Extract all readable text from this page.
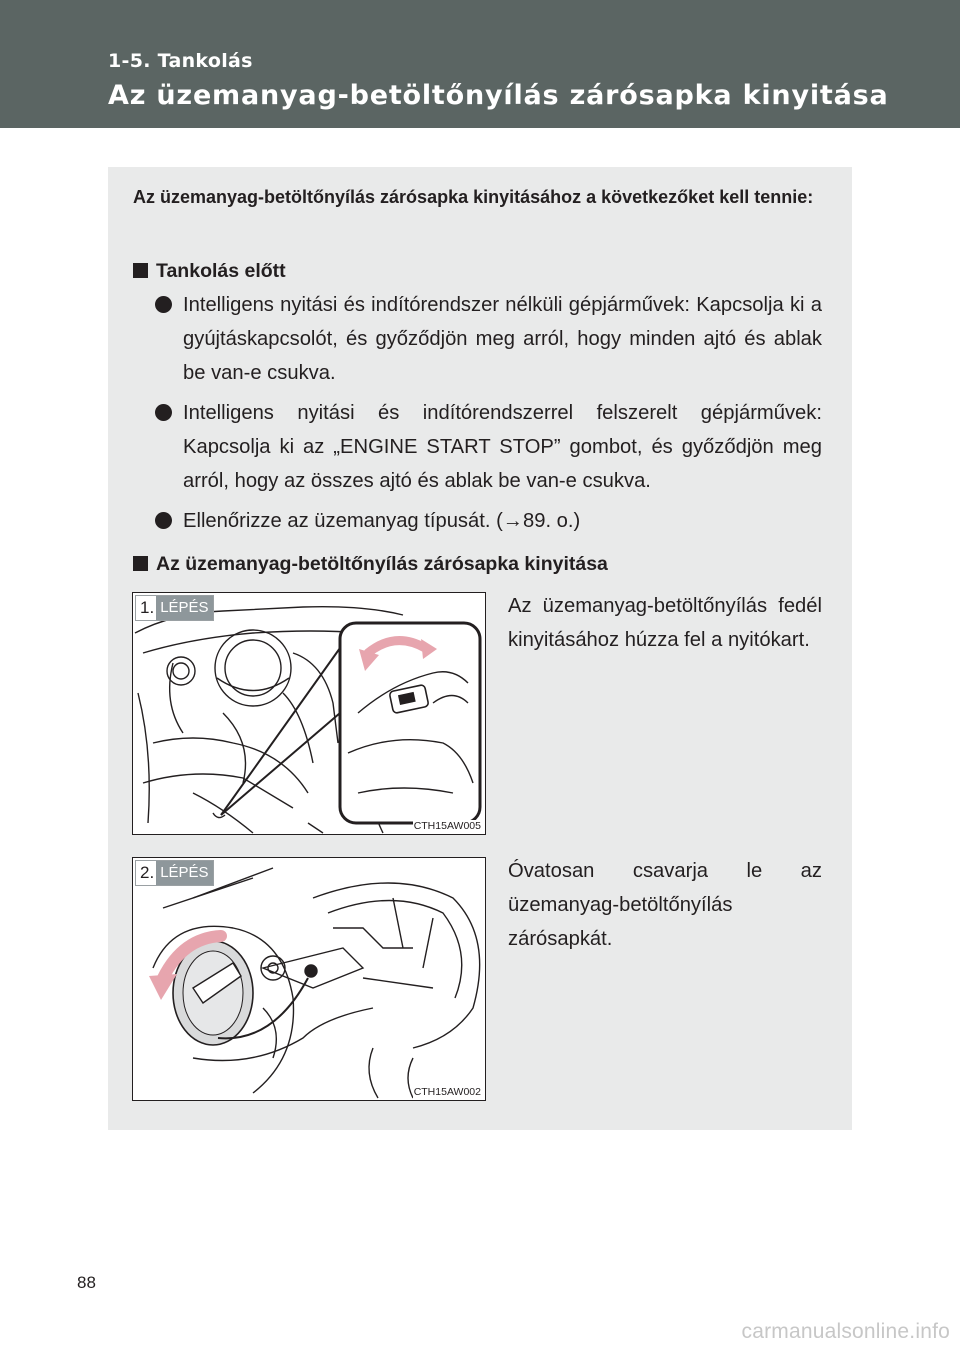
1-5. Tankolás
Az üzemanyag-betöltőnyílás zárósapka kinyitása
Az üzemanyag-betöltőnyílás zárósapka kinyitásához a következőket kell tennie:
Tankolás előtt
Intelligens nyitási és indítórendszer nélküli gépjárművek: Kapcsolja ki a gyújtáskapcsolót, és győződjön meg arról, hogy minden ajtó és ablak be van-e csukva.
Intelligens nyitási és indítórendszerrel felszerelt gépjárművek: Kapcsolja ki az „ENGINE START STOP” gombot, és győződjön meg arról, hogy az összes ajtó és ablak be van-e csukva.
Ellenőrizze az üzemanyag típusát. (→89. o.)
Az üzemanyag-betöltőnyílás zárósapka kinyitása
1. LÉPÉS
CTH15AW005
Az üzemanyag-betöltőnyílás fedél kinyitásához húzza fel a nyitókart.
2. LÉPÉS
CTH15AW002
Óvatosan csavarja le az üzemanyag-betöltőnyílás zárósapkát.
88
carmanualsonline.info
